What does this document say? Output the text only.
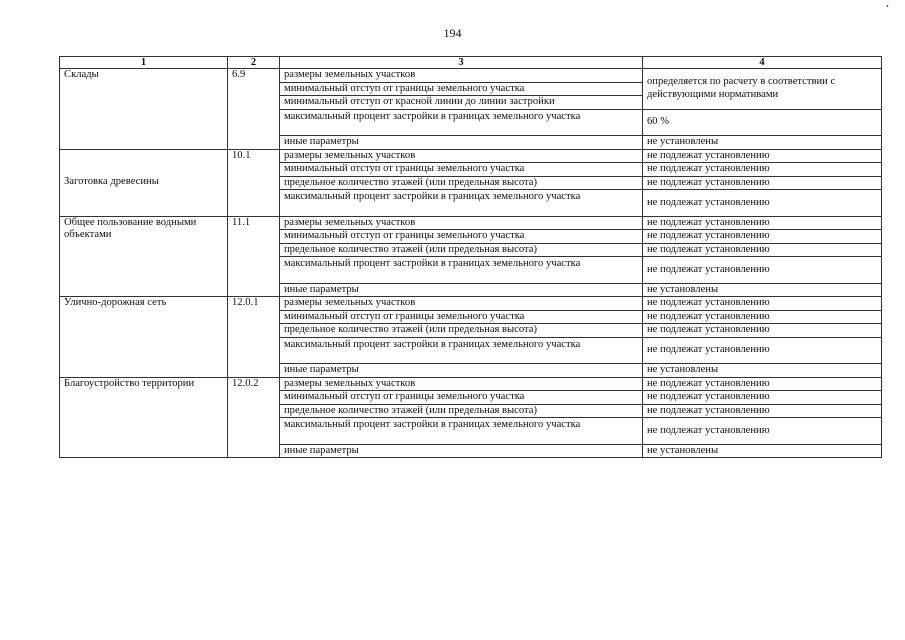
194
1	2	3	4
Склады	6.9	размеры земельных участков	определяется по расчету в соответствии с действующими нормативами
		минимальный отступ от границы земельного участка	
		минимальный отступ от красной линии до линии застройки	
		максимальный процент застройки в границах земельного участка	60 %
		иные параметры	не установлены
Заготовка древесины	10.1	размеры земельных участков	не подлежат установлению
		минимальный отступ от границы земельного участка	не подлежат установлению
		предельное количество этажей (или предельная высота)	не подлежат установлению
		максимальный процент застройки в границах земельного участка	не подлежат установлению
Общее пользование водными объектами	11.1	размеры земельных участков	не подлежат установлению
		минимальный отступ от границы земельного участка	не подлежат установлению
		предельное количество этажей (или предельная высота)	не подлежат установлению
		максимальный процент застройки в границах земельного участка	не подлежат установлению
		иные параметры	не установлены
Улично-дорожная сеть	12.0.1	размеры земельных участков	не подлежат установлению
		минимальный отступ от границы земельного участка	не подлежат установлению
		предельное количество этажей (или предельная высота)	не подлежат установлению
		максимальный процент застройки в границах земельного участка	не подлежат установлению
		иные параметры	не установлены
Благоустройство территории	12.0.2	размеры земельных участков	не подлежат установлению
		минимальный отступ от границы земельного участка	не подлежат установлению
		предельное количество этажей (или предельная высота)	не подлежат установлению
		максимальный процент застройки в границах земельного участка	не подлежат установлению
		иные параметры	не установлены
•
